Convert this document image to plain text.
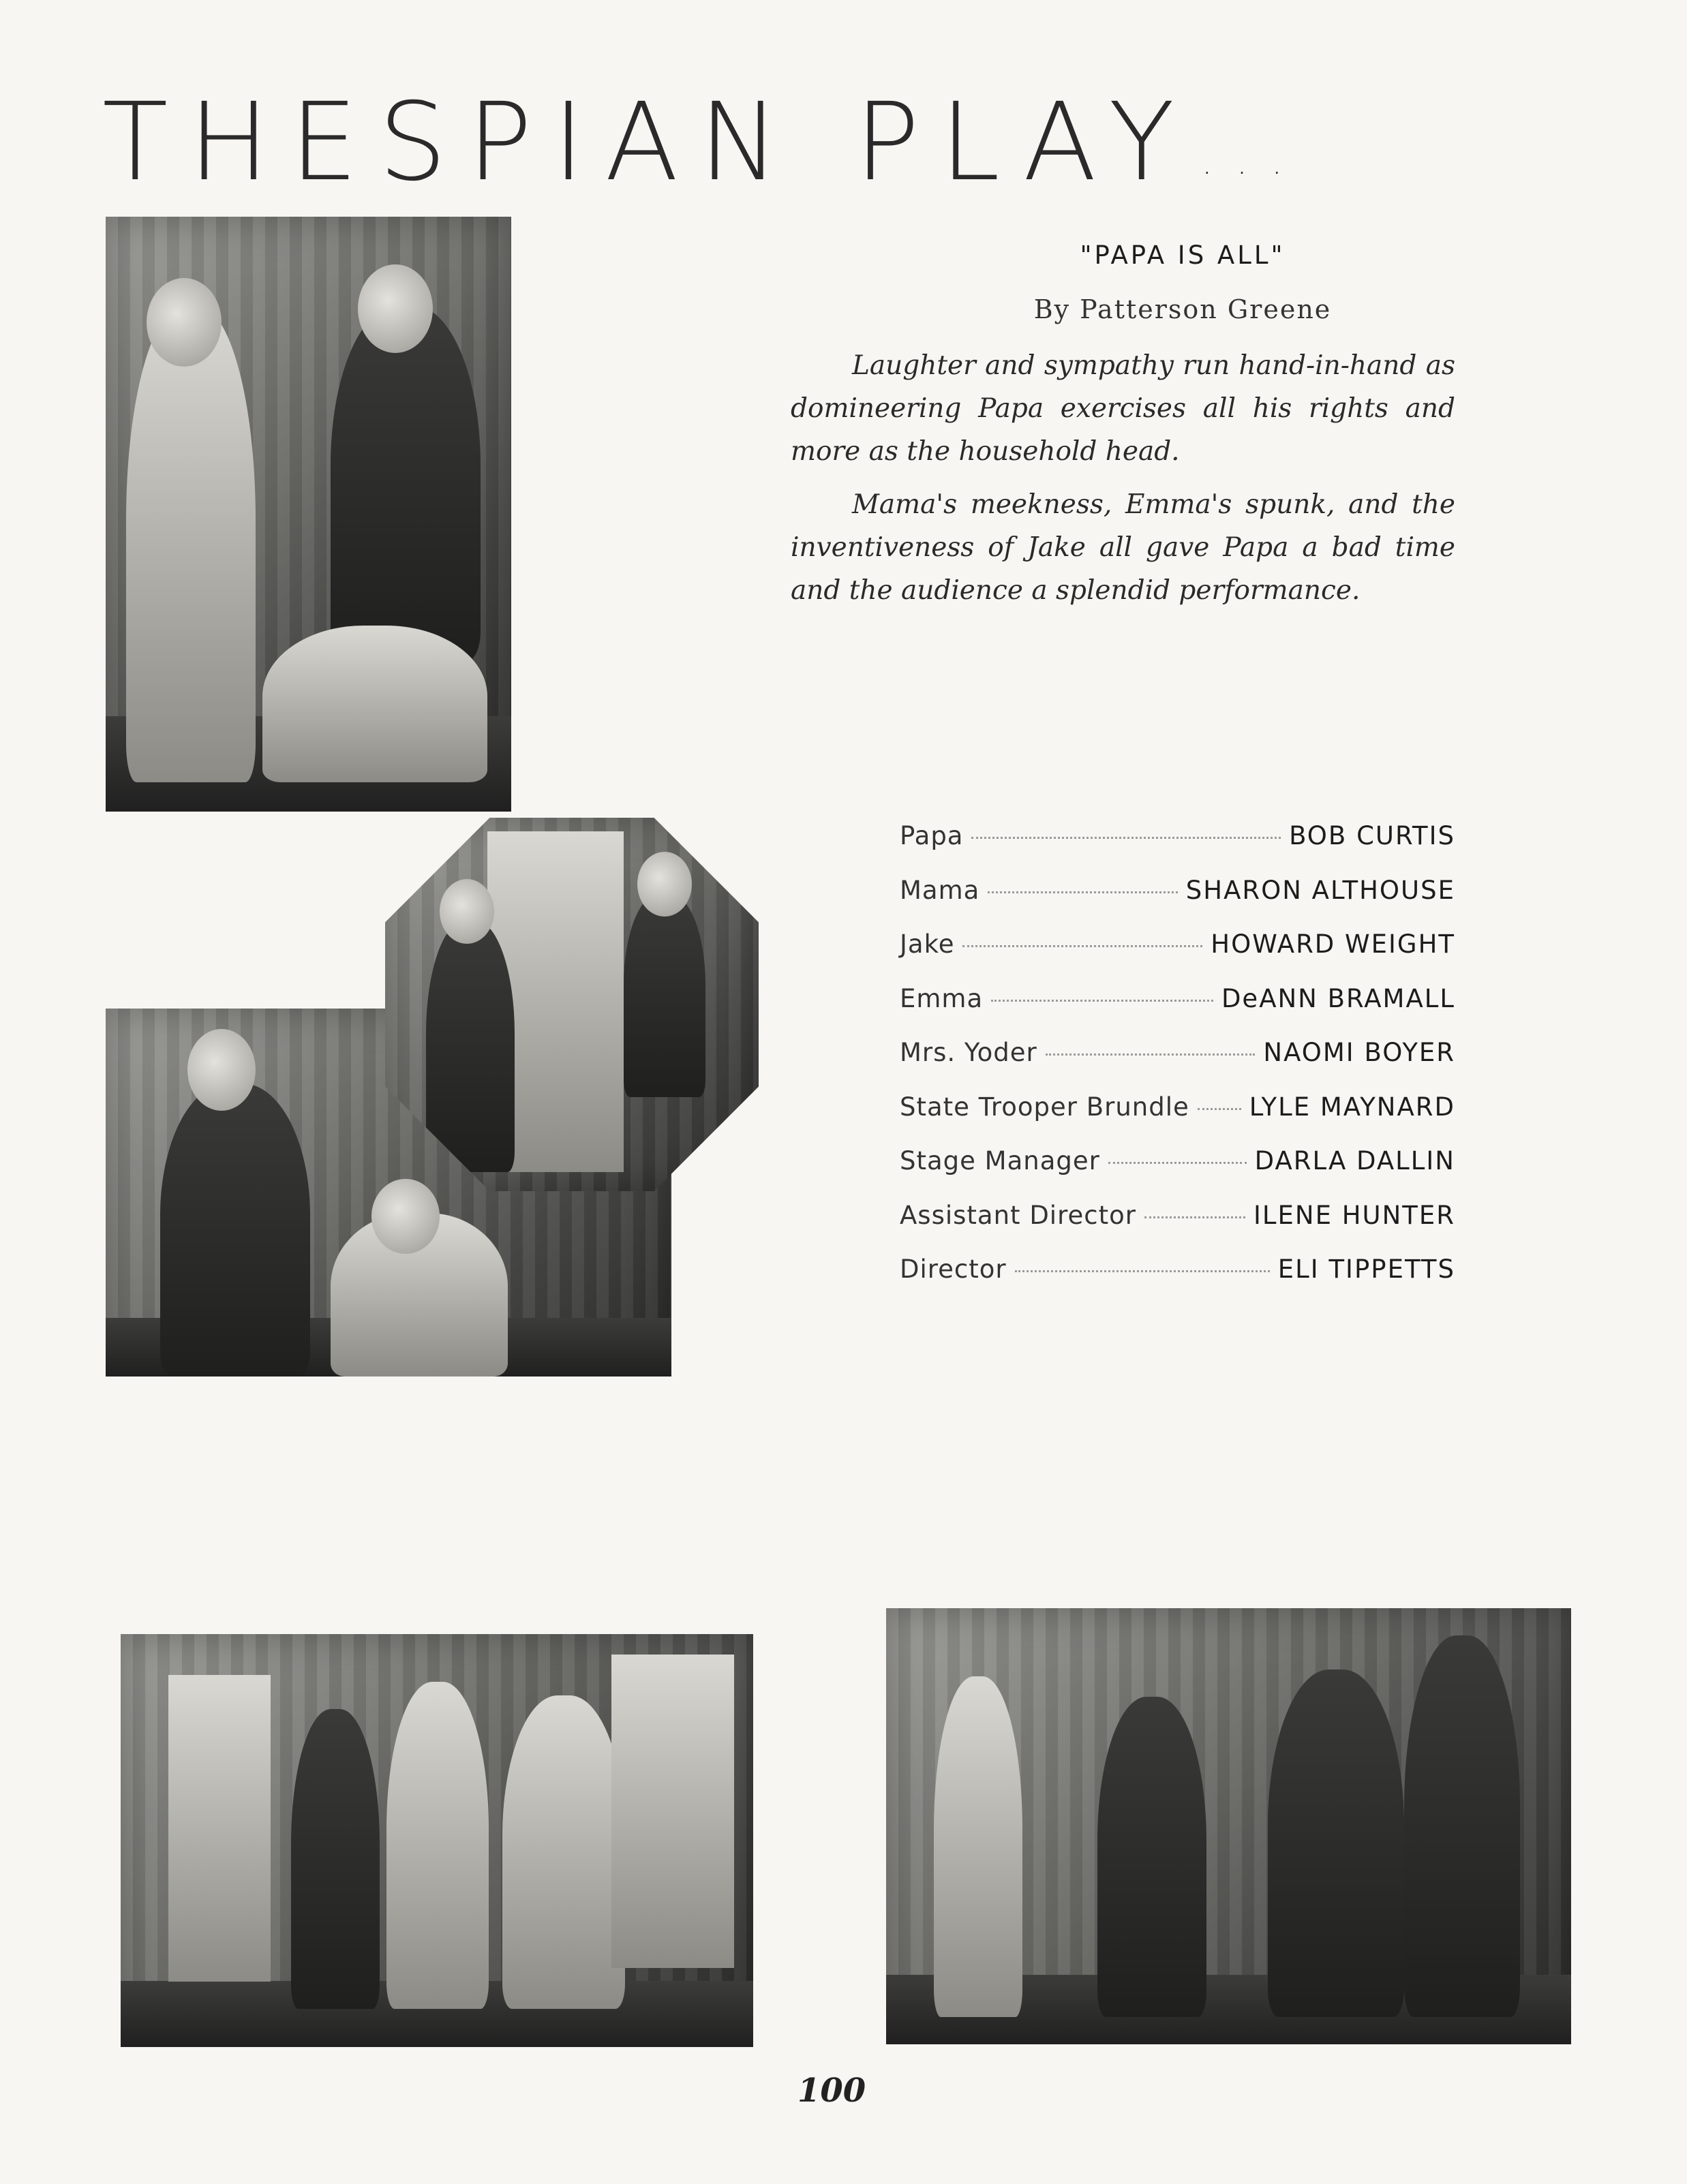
THESPIAN PLAY ...
"PAPA IS ALL"
By Patterson Greene

Laughter and sympathy run hand-in-hand as domineering Papa exercises all his rights and more as the household head.

Mama's meekness, Emma's spunk, and the inventiveness of Jake all gave Papa a bad time and the audience a splendid performance.

Papa	BOB CURTIS
Mama	SHARON ALTHOUSE
Jake	HOWARD WEIGHT
Emma	DeANN BRAMALL
Mrs. Yoder	NAOMI BOYER
State Trooper Brundle LYLE MAYNARD
Stage Manager	DARLA DALLIN
Assistant Director	ILENE HUNTER
Director	ELI TIPPETTS
100
